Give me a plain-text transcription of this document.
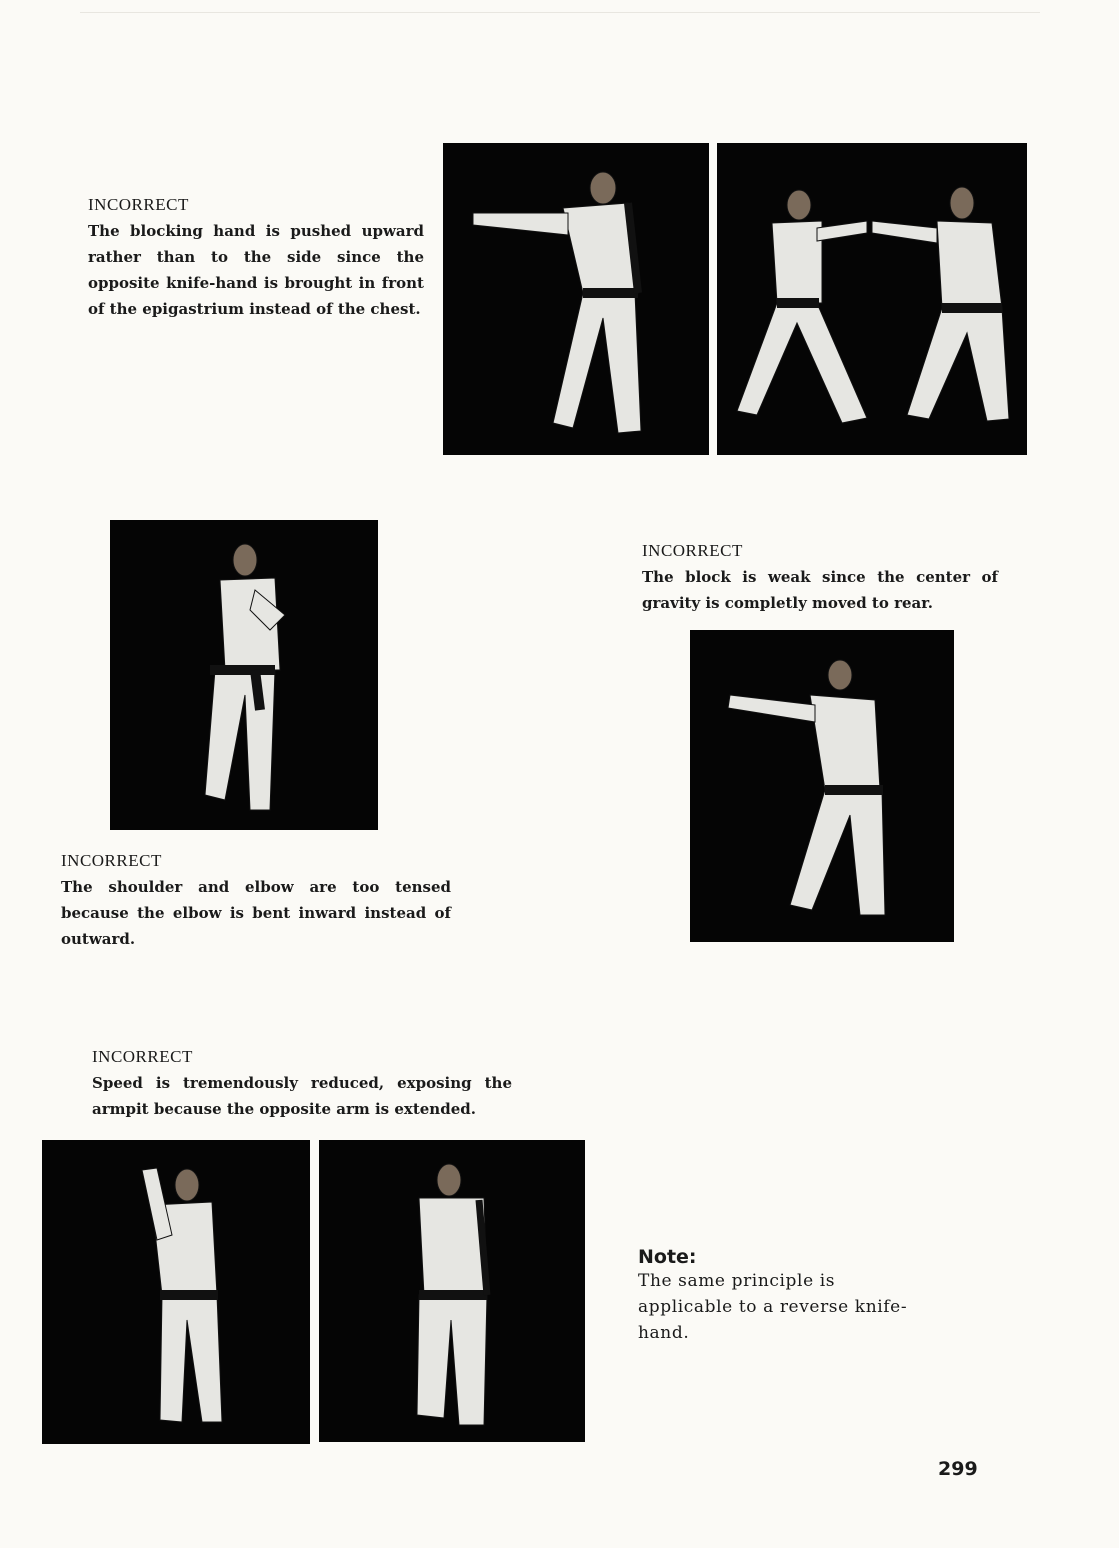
INCORRECT
The blocking hand is pushed upward rather than to the side since the opposite knife-hand is brought in front of the epigastrium instead of the chest.
INCORRECT
The block is weak since the center of gravity is completly moved to rear.
INCORRECT
The shoulder and elbow are too tensed because the elbow is bent inward instead of outward.
INCORRECT
Speed is tremendously reduced, exposing the armpit because the opposite arm is extended.
Note:
The same principle is applicable to a reverse knife-hand.
299
